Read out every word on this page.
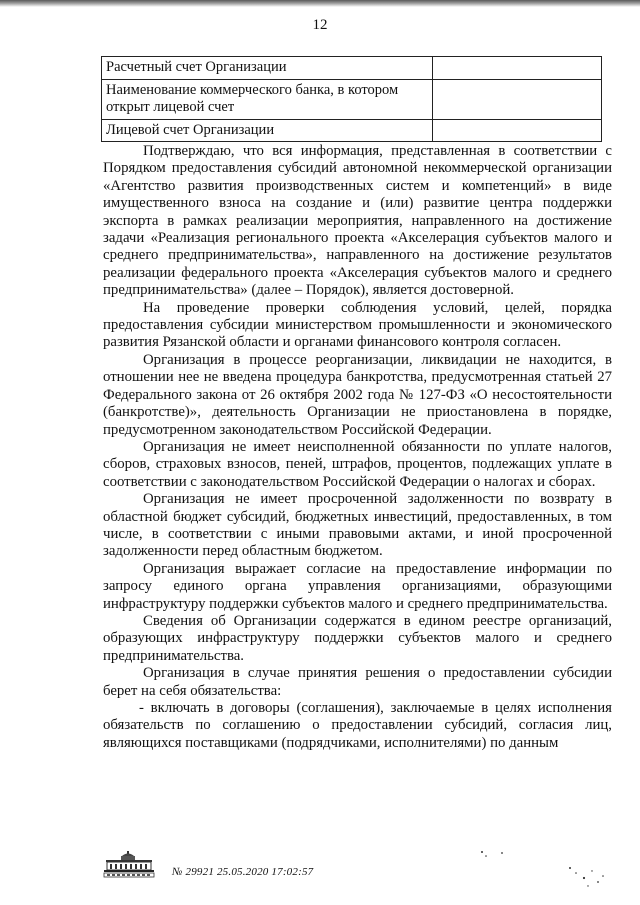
12
Расчетный счет Организации	
Наименование коммерческого банка, в котором открыт лицевой счет	
Лицевой счет Организации	

Подтверждаю, что вся информация, представленная в соответствии с Порядком предоставления субсидий автономной некоммерческой организации «Агентство развития производственных систем и компетенций» в виде имущественного взноса на создание и (или) развитие центра поддержки экспорта в рамках реализации мероприятия, направленного на достижение задачи «Реализация регионального проекта «Акселерация субъектов малого и среднего предпринимательства», направленного на достижение результатов реализации федерального проекта «Акселерация субъектов малого и среднего предпринимательства» (далее – Порядок), является достоверной.

На проведение проверки соблюдения условий, целей, порядка предоставления субсидии министерством промышленности и экономического развития Рязанской области и органами финансового контроля согласен.

Организация в процессе реорганизации, ликвидации не находится, в отношении нее не введена процедура банкротства, предусмотренная статьей 27 Федерального закона от 26 октября 2002 года № 127-ФЗ «О несостоятельности (банкротстве)», деятельность Организации не приостановлена в порядке, предусмотренном законодательством Российской Федерации.

Организация не имеет неисполненной обязанности по уплате налогов, сборов, страховых взносов, пеней, штрафов, процентов, подлежащих уплате в соответствии с законодательством Российской Федерации о налогах и сборах.

Организация не имеет просроченной задолженности по возврату в областной бюджет субсидий, бюджетных инвестиций, предоставленных, в том числе, в соответствии с иными правовыми актами, и иной просроченной задолженности перед областным бюджетом.

Организация выражает согласие на предоставление информации по запросу единого органа управления организациями, образующими инфраструктуру поддержки субъектов малого и среднего предпринимательства.

Сведения об Организации содержатся в едином реестре организаций, образующих инфраструктуру поддержки субъектов малого и среднего предпринимательства.

Организация в случае принятия решения о предоставлении субсидии берет на себя обязательства:

- включать в договоры (соглашения), заключаемые в целях исполнения обязательств по соглашению о предоставлении субсидий, согласия лиц, являющихся поставщиками (подрядчиками, исполнителями) по данным

№ 29921 25.05.2020 17:02:57
